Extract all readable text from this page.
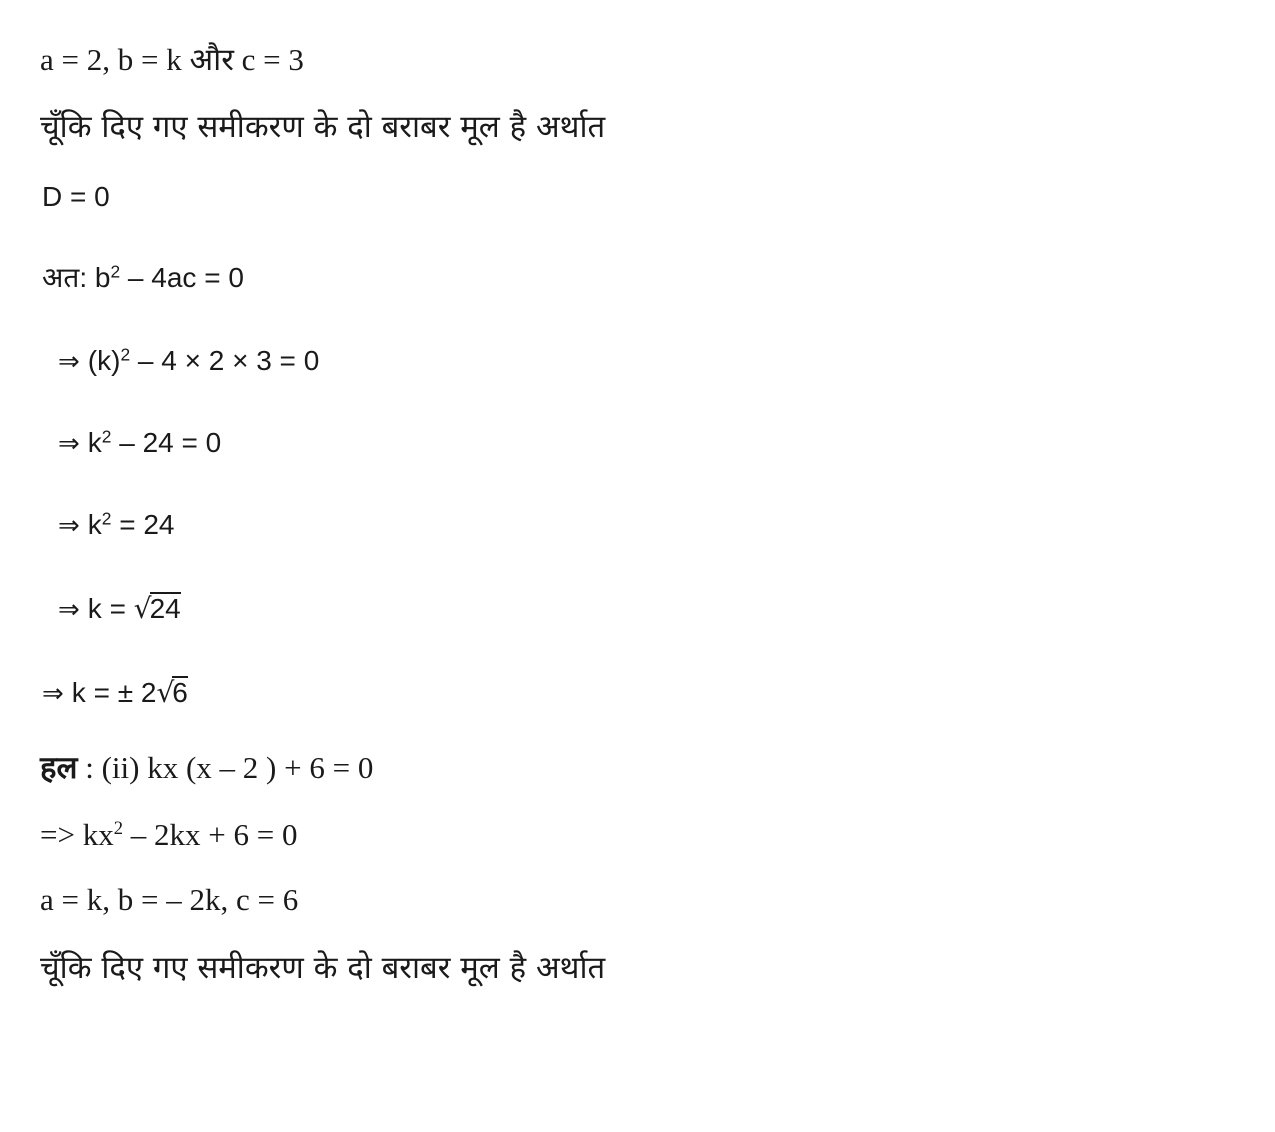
a = 2, b = k और c = 3
चूँकि दिए गए समीकरण के दो बराबर मूल है अर्थात
D = 0
अत: $b^2 - 4ac = 0$
⇒ $(k)^2 - 4 \times 2 \times 3 = 0$
⇒ $k^2 - 24 = 0$
⇒ $k^2 = 24$
⇒ k = √24
⇒ k = ± 2√6
हल : (ii) kx (x – 2 ) + 6 = 0
=> $kx^2 - 2kx + 6 = 0$
a = k, b = – 2k, c = 6
चूँकि दिए गए समीकरण के दो बराबर मूल है अर्थात
